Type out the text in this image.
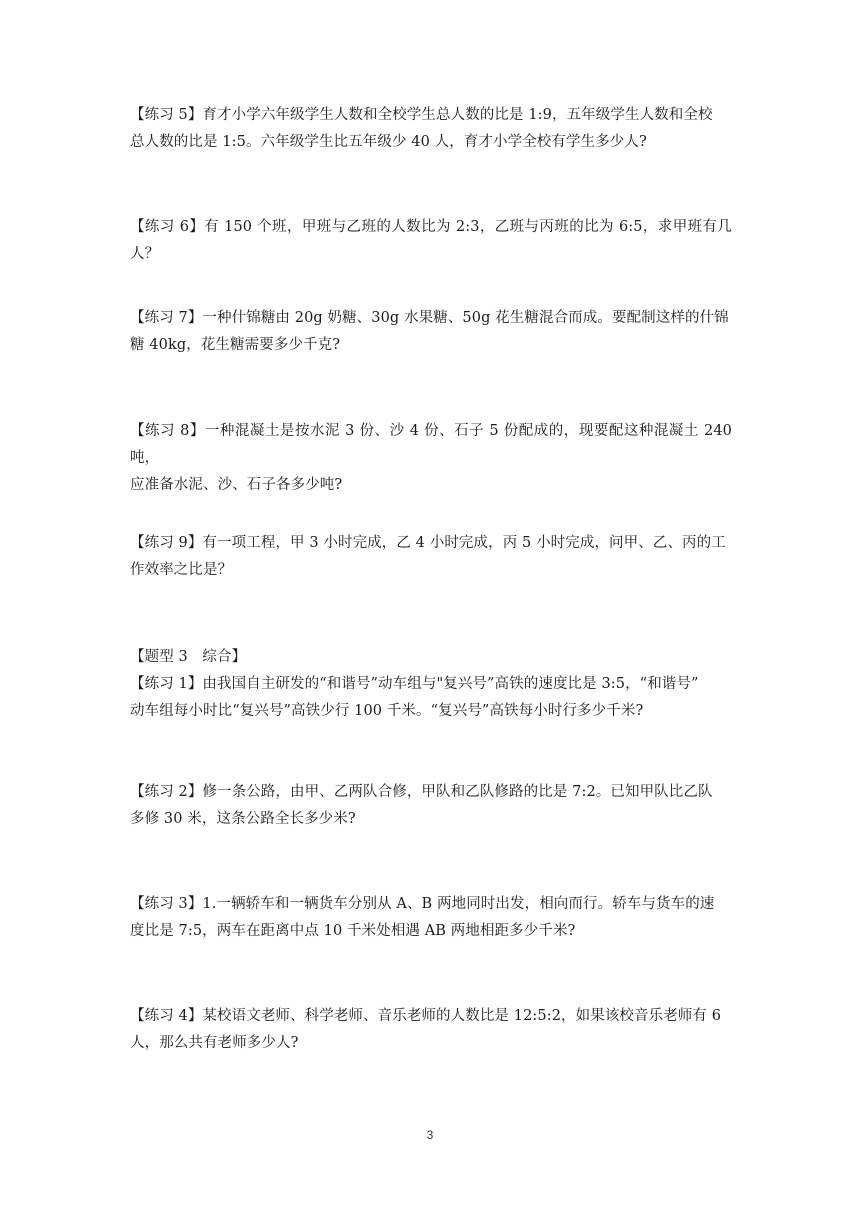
【练习 5】育才小学六年级学生人数和全校学生总人数的比是 1:9，五年级学生人数和全校

总人数的比是 1:5。六年级学生比五年级少 40 人，育才小学全校有学生多少人?

【练习 6】有 150 个班，甲班与乙班的人数比为 2:3，乙班与丙班的比为 6:5，求甲班有几人？

【练习 7】一种什锦糖由 20g 奶糖、30g 水果糖、50g 花生糖混合而成。要配制这样的什锦

糖 40kg，花生糖需要多少千克?

【练习 8】一种混凝土是按水泥 3 份、沙 4 份、石子 5 份配成的，现要配这种混凝土 240 吨，

应准备水泥、沙、石子各多少吨?

【练习 9】有一项工程，甲 3 小时完成，乙 4 小时完成，丙 5 小时完成，问甲、乙、丙的工

作效率之比是？

【题型 3　综合】

【练习 1】由我国自主研发的“和谐号”动车组与"复兴号”高铁的速度比是 3:5，“和谐号”

动车组每小时比“复兴号”高铁少行 100 千米。“复兴号”高铁每小时行多少千米?

【练习 2】修一条公路，由甲、乙两队合修，甲队和乙队修路的比是 7:2。已知甲队比乙队

多修 30 米，这条公路全长多少米?

【练习 3】1.一辆轿车和一辆货车分别从 A、B 两地同时出发，相向而行。轿车与货车的速

度比是 7:5，两车在距离中点 10 千米处相遇 AB 两地相距多少千米?

【练习 4】某校语文老师、科学老师、音乐老师的人数比是 12:5:2，如果该校音乐老师有 6

人，那么共有老师多少人?

3
